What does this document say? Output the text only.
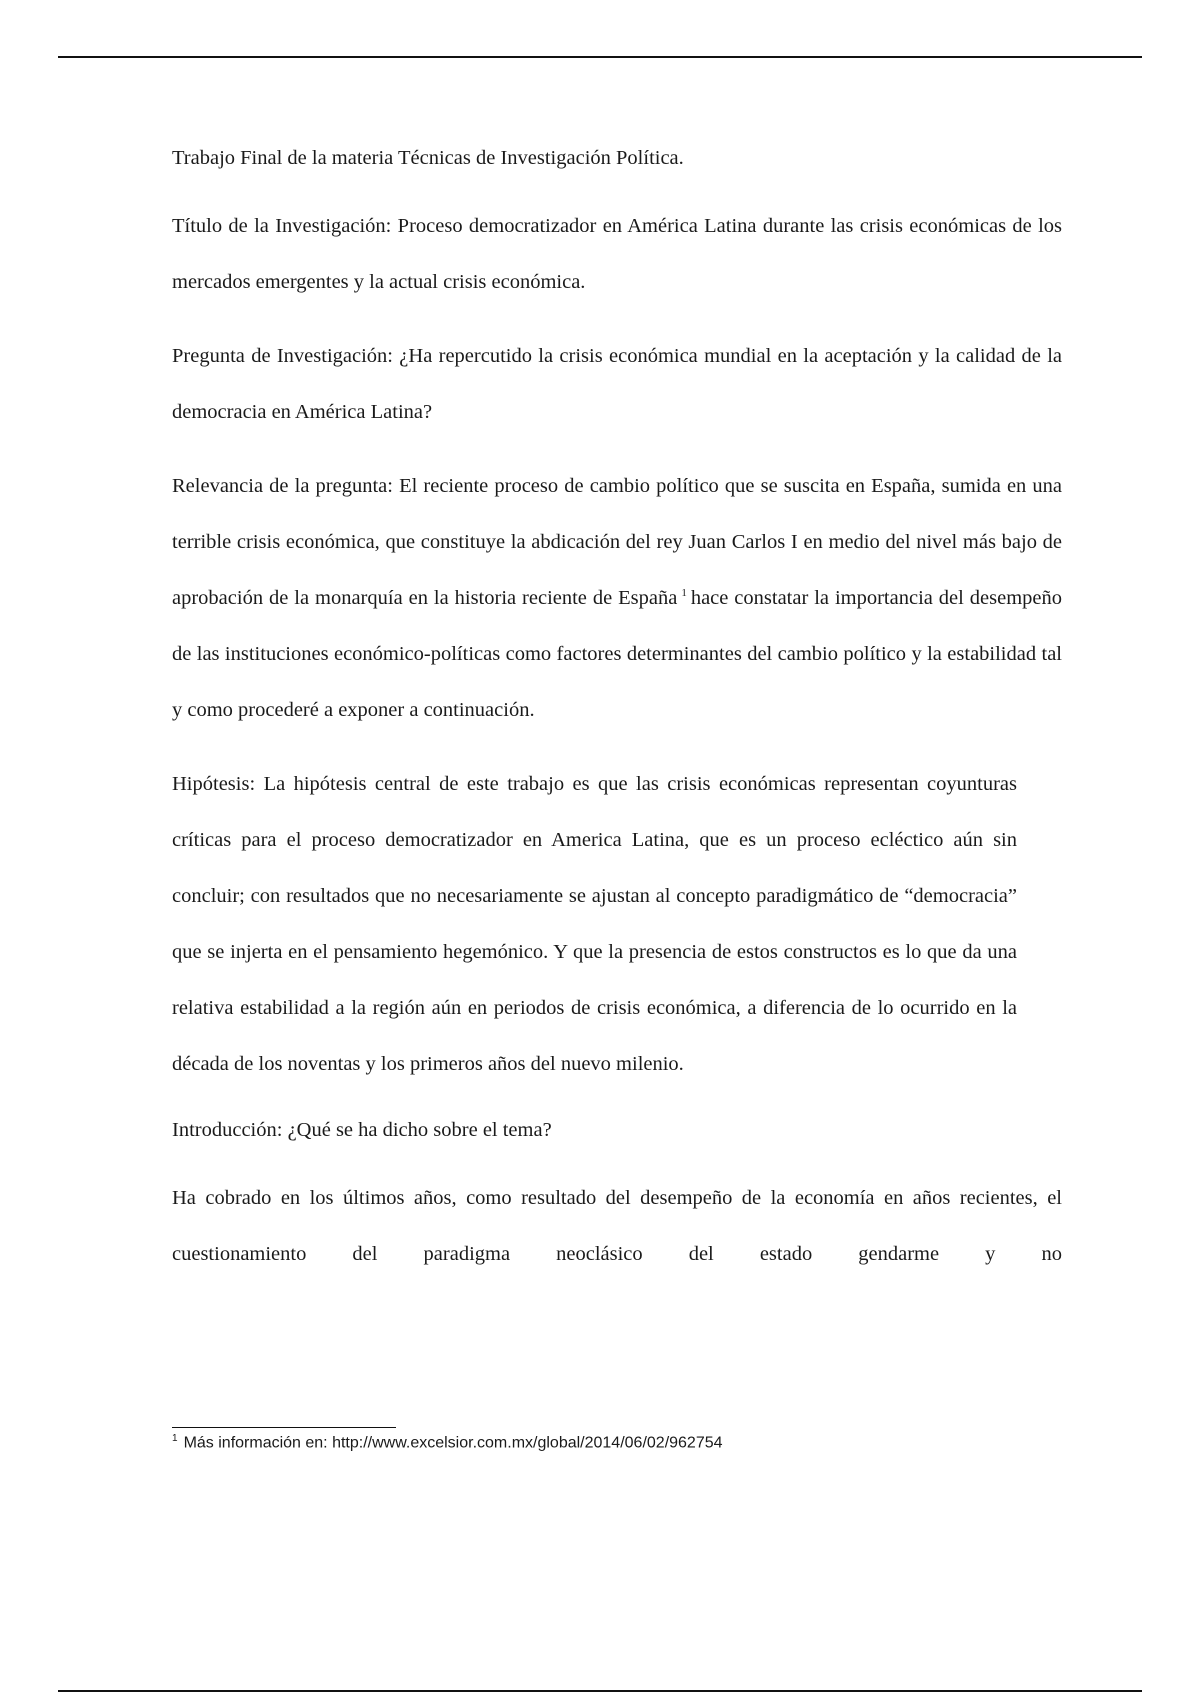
Trabajo Final de la materia Técnicas de Investigación Política.

Título de la Investigación: Proceso democratizador en América Latina durante las crisis económicas de los mercados emergentes y la actual crisis económica.

Pregunta de Investigación: ¿Ha repercutido la crisis económica mundial en la aceptación y la calidad de la democracia en América Latina?

Relevancia de la pregunta: El reciente proceso de cambio político que se suscita en España, sumida en una terrible crisis económica, que constituye la abdicación del rey Juan Carlos I en medio del nivel más bajo de aprobación de la monarquía en la historia reciente de España $^1$ hace constatar la importancia del desempeño de las instituciones económico-políticas como factores determinantes del cambio político y la estabilidad tal y como procederé a exponer a continuación.

Hipótesis: La hipótesis central de este trabajo es que las crisis económicas representan coyunturas críticas para el proceso democratizador en America Latina, que es un proceso ecléctico aún sin concluir; con resultados que no necesariamente se ajustan al concepto paradigmático de “democracia” que se injerta en el pensamiento hegemónico. Y que la presencia de estos constructos es lo que da una relativa estabilidad a la región aún en periodos de crisis económica, a diferencia de lo ocurrido en la década de los noventas y los primeros años del nuevo milenio.

Introducción: ¿Qué se ha dicho sobre el tema?

Ha cobrado en los últimos años, como resultado del desempeño de la economía en años recientes, el cuestionamiento del paradigma neoclásico del estado gendarme y no

$^1$ Más información en: http://www.excelsior.com.mx/global/2014/06/02/962754
